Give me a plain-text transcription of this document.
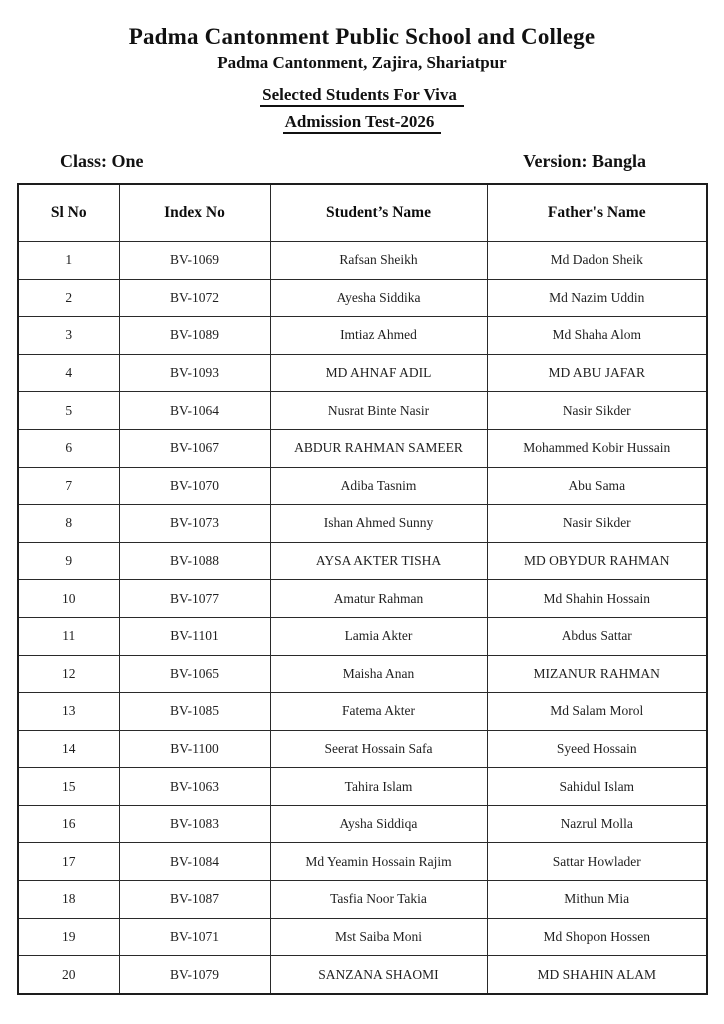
Padma Cantonment Public School and College
Padma Cantonment, Zajira, Shariatpur
Selected Students For Viva
Admission Test-2026
Class: One	Version: Bangla
Sl No	Index No	Student’s Name	Father's Name
1	BV-1069	Rafsan Sheikh	Md Dadon Sheik
2	BV-1072	Ayesha Siddika	Md Nazim Uddin
3	BV-1089	Imtiaz Ahmed	Md Shaha Alom
4	BV-1093	MD AHNAF ADIL	MD ABU JAFAR
5	BV-1064	Nusrat Binte Nasir	Nasir Sikder
6	BV-1067	ABDUR RAHMAN SAMEER	Mohammed Kobir Hussain
7	BV-1070	Adiba Tasnim	Abu Sama
8	BV-1073	Ishan Ahmed Sunny	Nasir Sikder
9	BV-1088	AYSA AKTER TISHA	MD OBYDUR RAHMAN
10	BV-1077	Amatur Rahman	Md Shahin Hossain
11	BV-1101	Lamia Akter	Abdus Sattar
12	BV-1065	Maisha Anan	MIZANUR RAHMAN
13	BV-1085	Fatema Akter	Md Salam Morol
14	BV-1100	Seerat Hossain Safa	Syeed Hossain
15	BV-1063	Tahira Islam	Sahidul Islam
16	BV-1083	Aysha Siddiqa	Nazrul Molla
17	BV-1084	Md Yeamin Hossain Rajim	Sattar Howlader
18	BV-1087	Tasfia Noor Takia	Mithun Mia
19	BV-1071	Mst Saiba Moni	Md Shopon Hossen
20	BV-1079	SANZANA SHAOMI	MD SHAHIN ALAM
